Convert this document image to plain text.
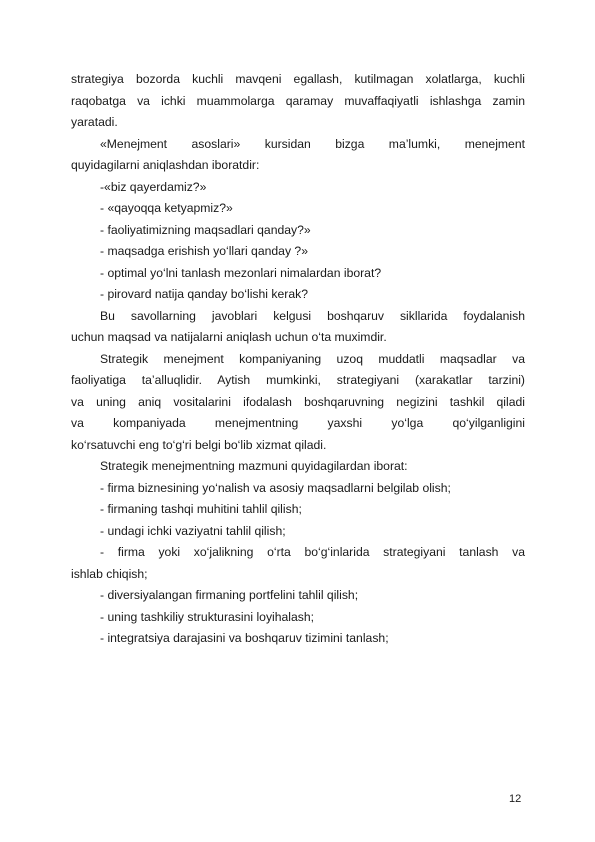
strategiya bozorda kuchli mavqeni egallash, kutilmagan xolatlarga, kuchli
raqobatga va ichki muammolarga qaramay muvaffaqiyatli ishlashga zamin
yaratadi.
«Menejment asoslari» kursidan bizga ma’lumki, menejment
quyidagilarni aniqlashdan iboratdir:
-«biz qayerdamiz?»
- «qayoqqa ketyapmiz?»
- faoliyatimizning maqsadlari qanday?»
- maqsadga erishish yo‘llari qanday ?»
- optimal yo‘lni tanlash mezonlari nimalardan iborat?
- pirovard natija qanday bo‘lishi kerak?
Bu savollarning javoblari kelgusi boshqaruv sikllarida foydalanish
uchun maqsad va natijalarni aniqlash uchun o‘ta muximdir.
Strategik menejment kompaniyaning uzoq muddatli maqsadlar va
faoliyatiga ta’alluqlidir. Aytish mumkinki, strategiyani (xarakatlar tarzini)
va uning aniq vositalarini ifodalash boshqaruvning negizini tashkil qiladi
va kompaniyada menejmentning yaxshi yo‘lga qo‘yilganligini
ko‘rsatuvchi eng to‘g‘ri belgi bo‘lib xizmat qiladi.
Strategik menejmentning mazmuni quyidagilardan iborat:
- firma biznesining yo‘nalish va asosiy maqsadlarni belgilab olish;
- firmaning tashqi muhitini tahlil qilish;
- undagi ichki vaziyatni tahlil qilish;
- firma yoki xo‘jalikning o‘rta bo‘g‘inlarida strategiyani tanlash va
ishlab chiqish;
- diversiyalangan firmaning portfelini tahlil qilish;
- uning tashkiliy strukturasini loyihalash;
- integratsiya darajasini va boshqaruv tizimini tanlash;
12
